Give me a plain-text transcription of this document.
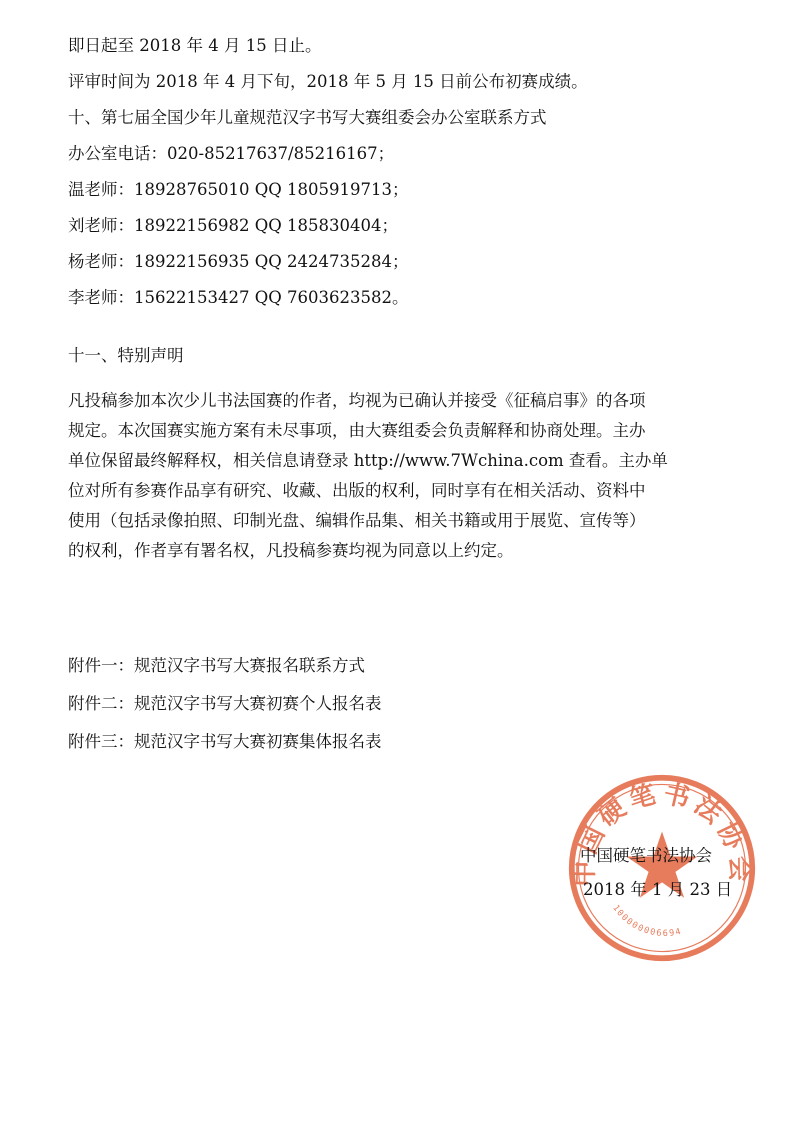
即日起至 2018 年 4 月 15 日止。
评审时间为 2018 年 4 月下旬，2018 年 5 月 15 日前公布初赛成绩。
十、第七届全国少年儿童规范汉字书写大赛组委会办公室联系方式
办公室电话：020-85217637/85216167；
温老师：18928765010 QQ 1805919713；
刘老师：18922156982 QQ 185830404；
杨老师：18922156935 QQ 2424735284；
李老师：15622153427 QQ 7603623582。
十一、特别声明
凡投稿参加本次少儿书法国赛的作者，均视为已确认并接受《征稿启事》的各项
规定。本次国赛实施方案有未尽事项，由大赛组委会负责解释和协商处理。主办
单位保留最终解释权，相关信息请登录 http://www.7Wchina.com 查看。主办单
位对所有参赛作品享有研究、收藏、出版的权利，同时享有在相关活动、资料中
使用（包括录像拍照、印制光盘、编辑作品集、相关书籍或用于展览、宣传等）
的权利，作者享有署名权，凡投稿参赛均视为同意以上约定。
附件一：规范汉字书写大赛报名联系方式
附件二：规范汉字书写大赛初赛个人报名表
附件三：规范汉字书写大赛初赛集体报名表
中国硬笔书法协会
100000006694
中国硬笔书法协会
2018 年 1 月 23 日
